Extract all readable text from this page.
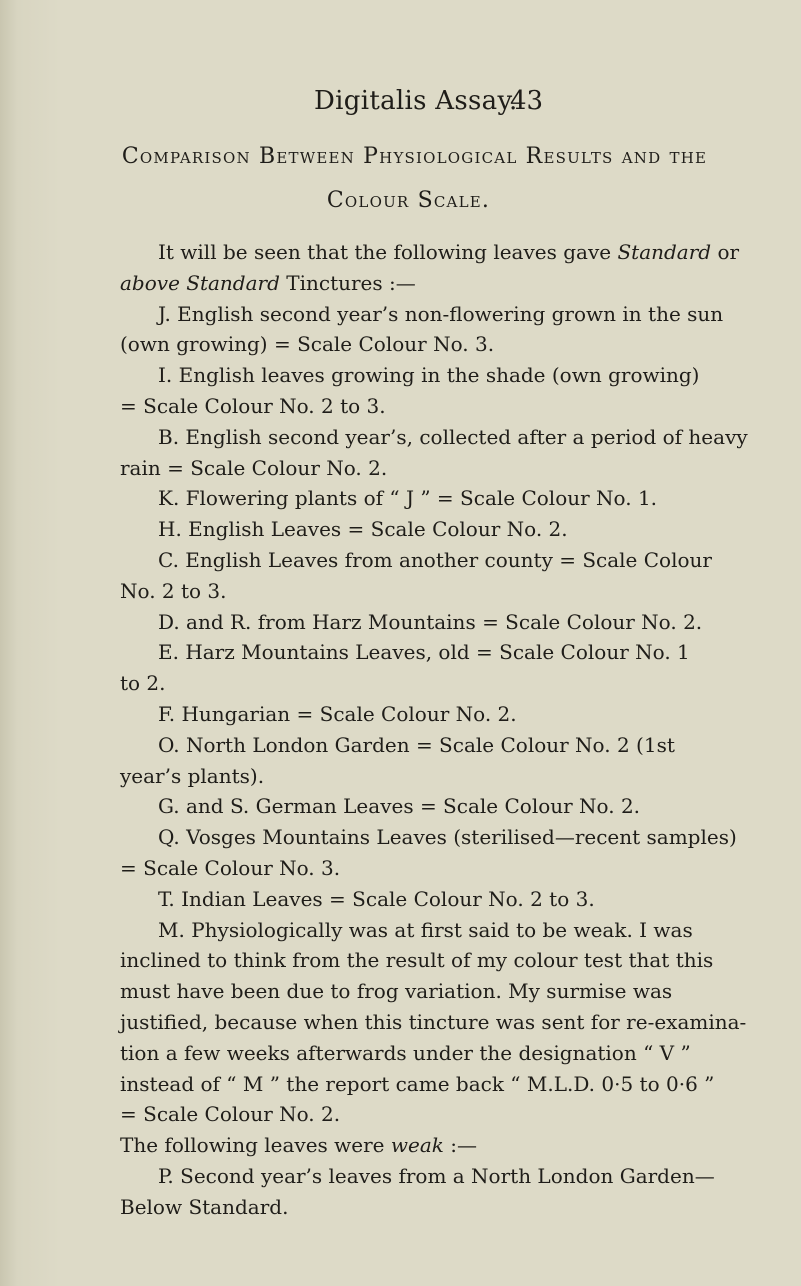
Digitalis Assay.
43
Comparison Between Physiological Results and the
Colour Scale.
It will be seen that the following leaves gave Standard or
above Standard Tinctures :—
J. English second year’s non-flowering grown in the sun
(own growing) = Scale Colour No. 3.
I. English leaves growing in the shade (own growing)
= Scale Colour No. 2 to 3.
B. English second year’s, collected after a period of heavy
rain = Scale Colour No. 2.
K. Flowering plants of “ J ” = Scale Colour No. 1.
H. English Leaves = Scale Colour No. 2.
C. English Leaves from another county = Scale Colour
No. 2 to 3.
D. and R. from Harz Mountains = Scale Colour No. 2.
E. Harz Mountains Leaves, old = Scale Colour No. 1
to 2.
F. Hungarian = Scale Colour No. 2.
O. North London Garden = Scale Colour No. 2 (1st
year’s plants).
G. and S. German Leaves = Scale Colour No. 2.
Q. Vosges Mountains Leaves (sterilised—recent samples)
= Scale Colour No. 3.
T. Indian Leaves = Scale Colour No. 2 to 3.
M. Physiologically was at first said to be weak. I was
inclined to think from the result of my colour test that this
must have been due to frog variation. My surmise was
justified, because when this tincture was sent for re-examina-
tion a few weeks afterwards under the designation “ V ”
instead of “ M ” the report came back “ M.L.D. 0·5 to 0·6 ”
= Scale Colour No. 2.
The following leaves were weak :—
P. Second year’s leaves from a North London Garden—
Below Standard.
